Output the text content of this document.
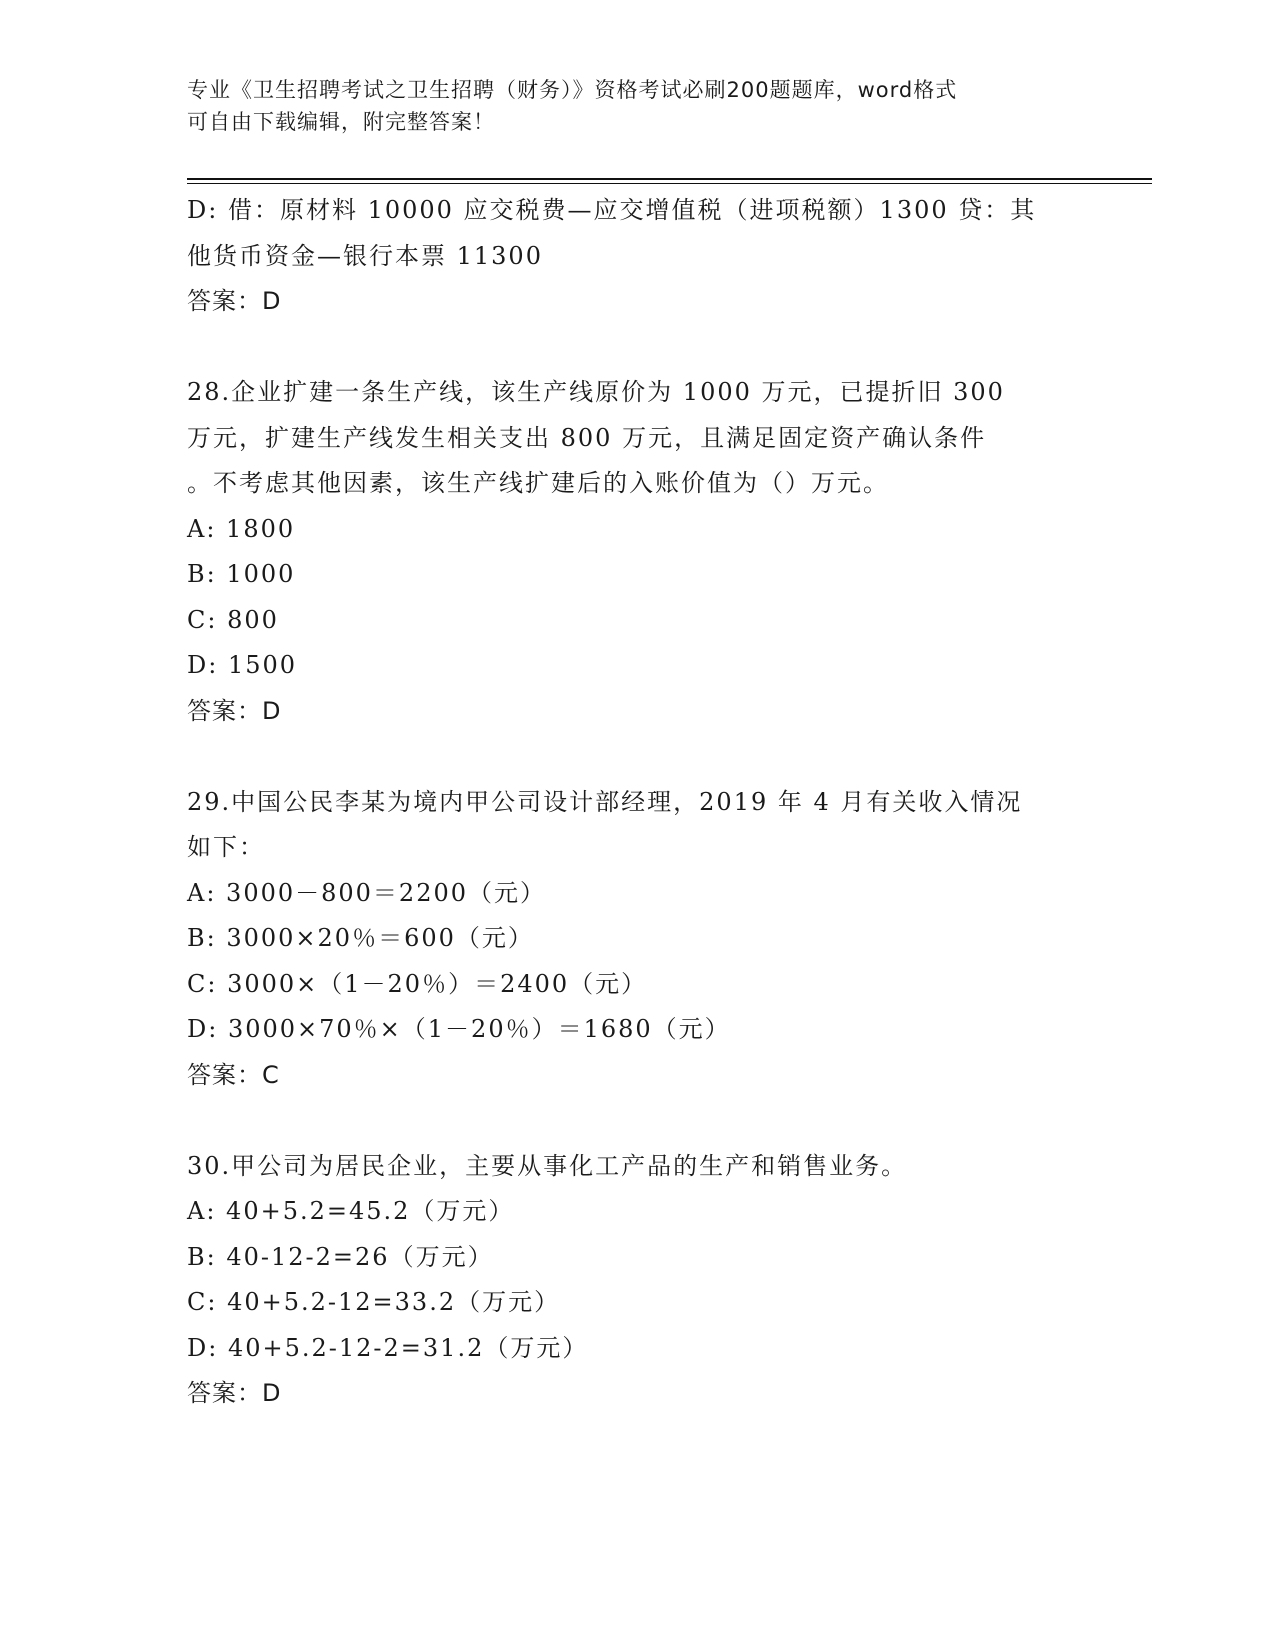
专业《卫生招聘考试之卫生招聘（财务）》资格考试必刷200题题库，word格式
可自由下载编辑，附完整答案！
D: 借：原材料 10000 应交税费—应交增值税（进项税额）1300 贷：其
他货币资金—银行本票 11300
答案：D
28.企业扩建一条生产线，该生产线原价为 1000 万元，已提折旧 300
万元，扩建生产线发生相关支出 800 万元，且满足固定资产确认条件
。不考虑其他因素，该生产线扩建后的入账价值为（）万元。
A: 1800
B: 1000
C: 800
D: 1500
答案：D
29.中国公民李某为境内甲公司设计部经理，2019 年 4 月有关收入情况
如下：
A: 3000－800＝2200（元）
B: 3000×20％＝600（元）
C: 3000×（1－20％）＝2400（元）
D: 3000×70％×（1－20％）＝1680（元）
答案：C
30.甲公司为居民企业，主要从事化工产品的生产和销售业务。
A: 40+5.2=45.2（万元）
B: 40-12-2=26（万元）
C: 40+5.2-12=33.2（万元）
D: 40+5.2-12-2=31.2（万元）
答案：D
